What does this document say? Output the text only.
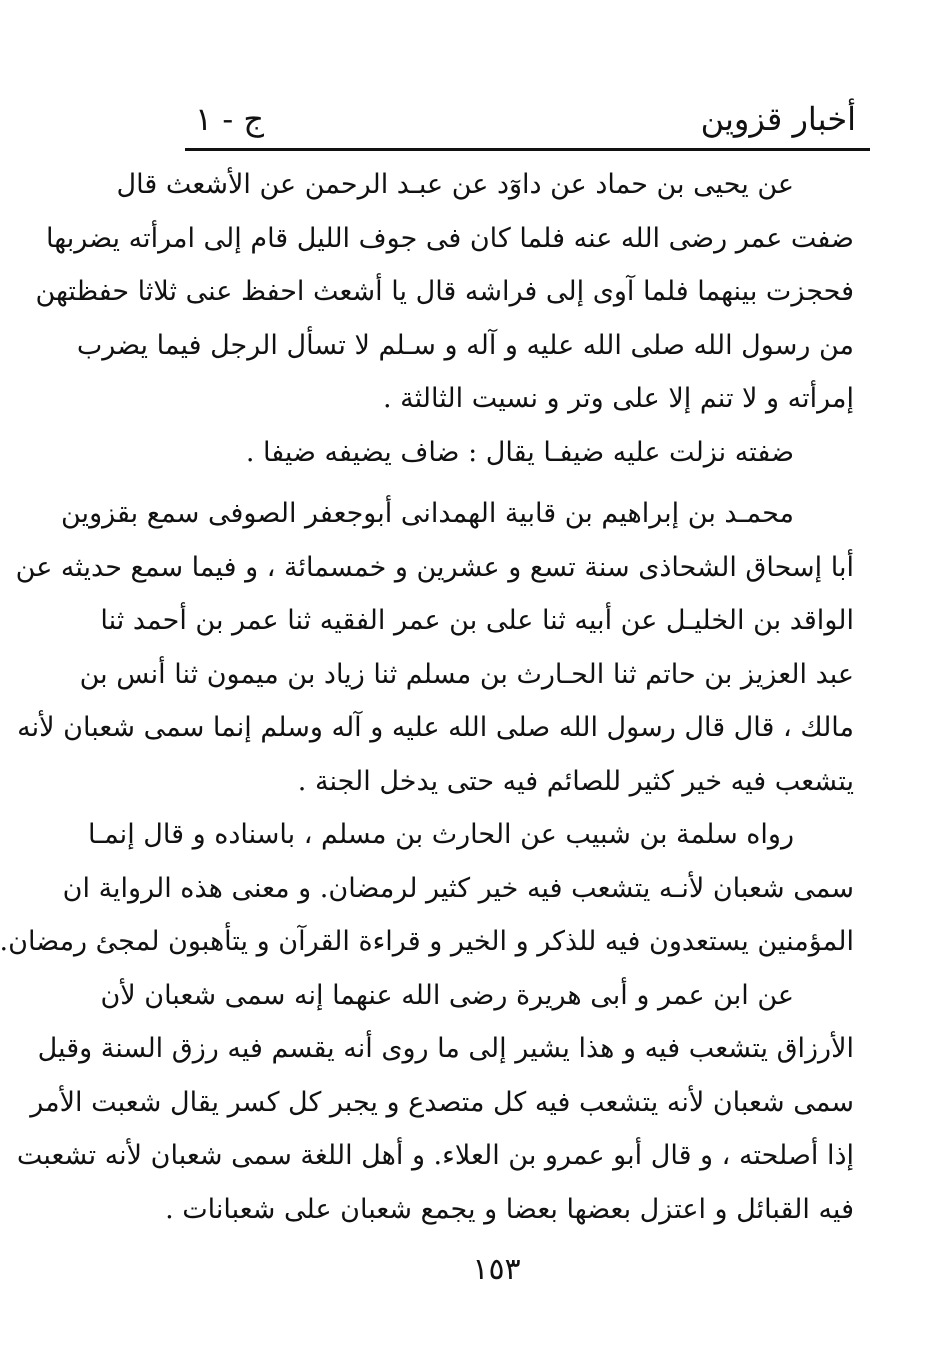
أخبار قزوين
ج - ١
عن يحيى بن حماد عن داوٓد عن عبـد الرحمن عن الأشعث قال
ضفت عمر رضى الله عنه فلما كان فى جوف الليل قام إلى امرأته يضربها
فحجزت بينهما فلما آوى إلى فراشه قال يا أشعث احفظ عنى ثلاثا حفظتهن
من رسول الله صلى الله عليه و آله و سـلم لا تسأل الرجل فيما يضرب
إمرأته و لا تنم إلا على وتر و نسيت الثالثة .
ضفته نزلت عليه ضيفـا يقال : ضاف يضيفه ضيفا .
محمـد بن إبراهيم بن قابية الهمدانى أبوجعفر الصوفى سمع بقزوين
أبا إسحاق الشحاذى سنة تسع و عشرين و خمسمائة ، و فيما سمع حديثه عن
الواقد بن الخليـل عن أبيه ثنا على بن عمر الفقيه ثنا عمر بن أحمد ثنا
عبد العزيز بن حاتم ثنا الحـارث بن مسلم ثنا زياد بن ميمون ثنا أنس بن
مالك ، قال قال رسول الله صلى الله عليه و آله وسلم إنما سمى شعبان لأنه
يتشعب فيه خير كثير للصائم فيه حتى يدخل الجنة .
رواه سلمة بن شبيب عن الحارث بن مسلم ، باسناده و قال إنمـا
سمى شعبان لأنـه يتشعب فيه خير كثير لرمضان. و معنى هذه الرواية ان
المؤمنين يستعدون فيه للذكر و الخير و قراءة القرآن و يتأهبون لمجئ رمضان.
عن ابن عمر و أبى هريرة رضى الله عنهما إنه سمى شعبان لأن
الأرزاق يتشعب فيه و هذا يشير إلى ما روى أنه يقسم فيه رزق السنة وقيل
سمى شعبان لأنه يتشعب فيه كل متصدع و يجبر كل كسر يقال شعبت الأمر
إذا أصلحته ، و قال أبو عمرو بن العلاء. و أهل اللغة سمى شعبان لأنه تشعبت
فيه القبائل و اعتزل بعضها بعضا و يجمع شعبان على شعبانات .
١٥٣
